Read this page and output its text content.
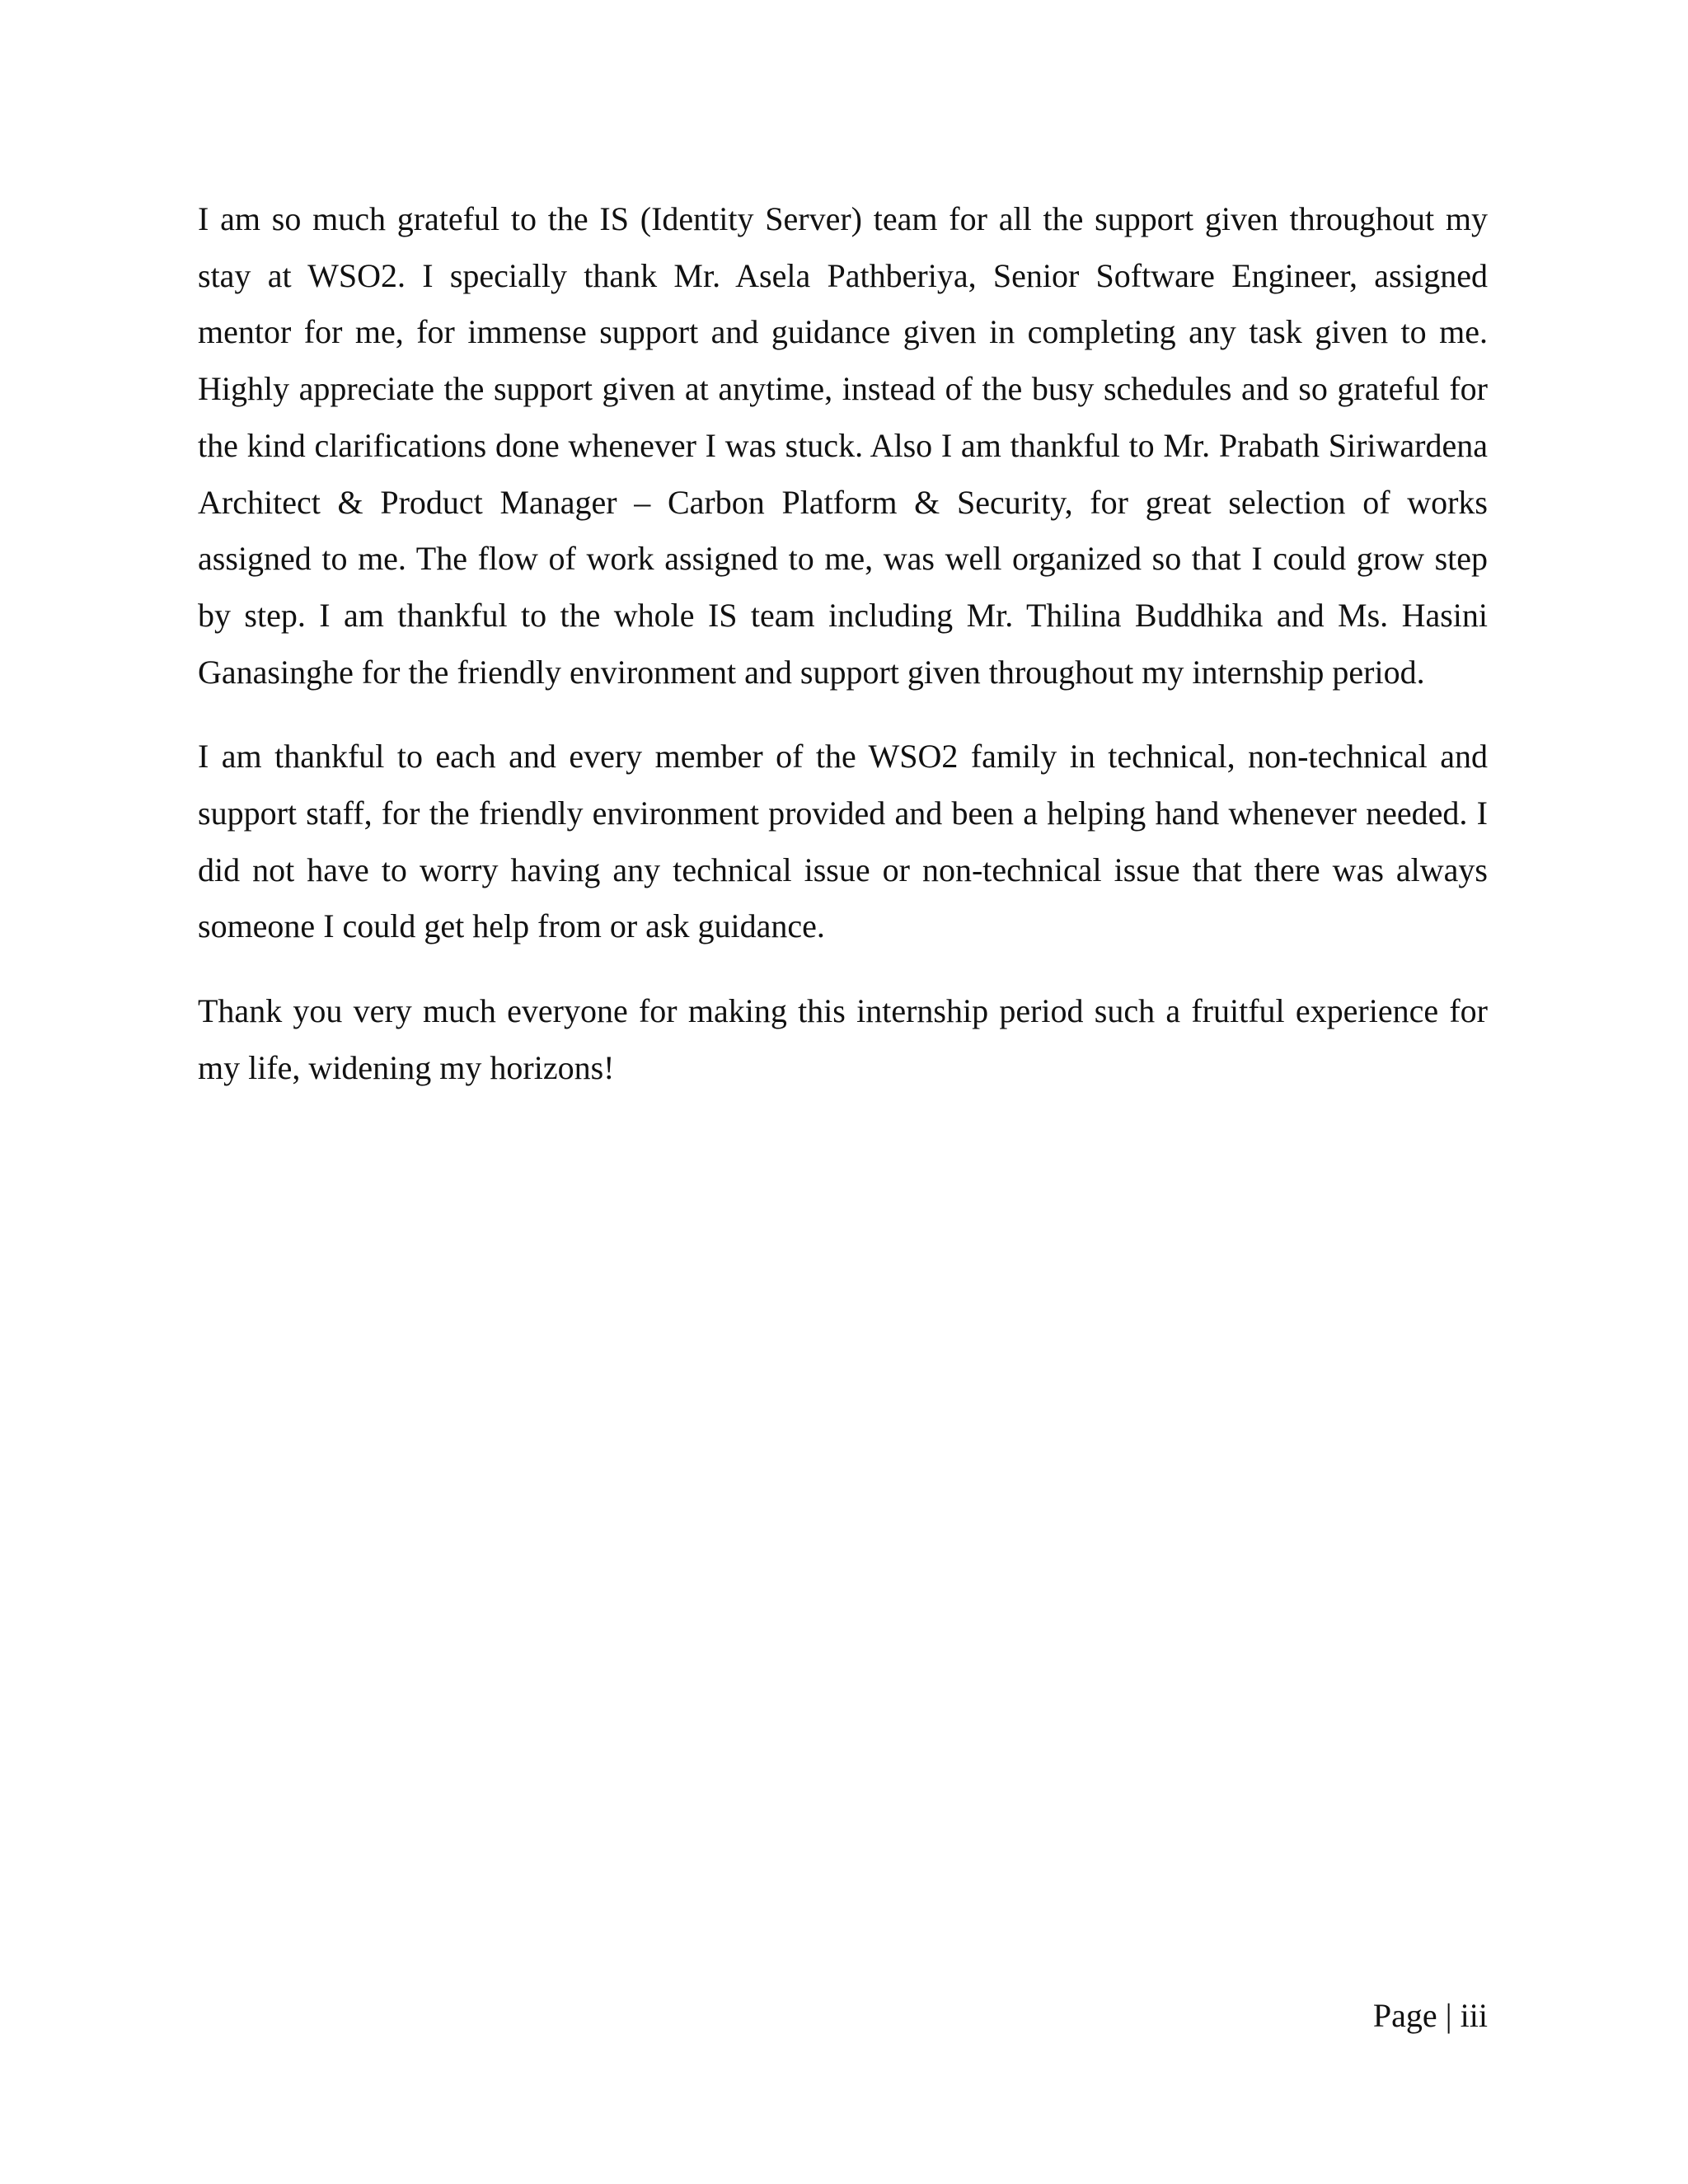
I am so much grateful to the IS (Identity Server) team for all the support given throughout my stay at WSO2. I specially thank Mr. Asela Pathberiya, Senior Software Engineer, assigned mentor for me, for immense support and guidance given in completing any task given to me. Highly appreciate the support given at anytime, instead of the busy schedules and so grateful for the kind clarifications done whenever I was stuck. Also I am thankful to Mr. Prabath Siriwardena Architect & Product Manager – Carbon Platform & Security, for great selection of works assigned to me. The flow of work assigned to me, was well organized so that I could grow step by step. I am thankful to the whole IS team including Mr. Thilina Buddhika and Ms. Hasini Ganasinghe for the friendly environment and support given throughout my internship period.

I am thankful to each and every member of the WSO2 family in technical, non-technical and support staff, for the friendly environment provided and been a helping hand whenever needed. I did not have to worry having any technical issue or non-technical issue that there was always someone I could get help from or ask guidance.

Thank you very much everyone for making this internship period such a fruitful experience for my life, widening my horizons!

Page | iii
